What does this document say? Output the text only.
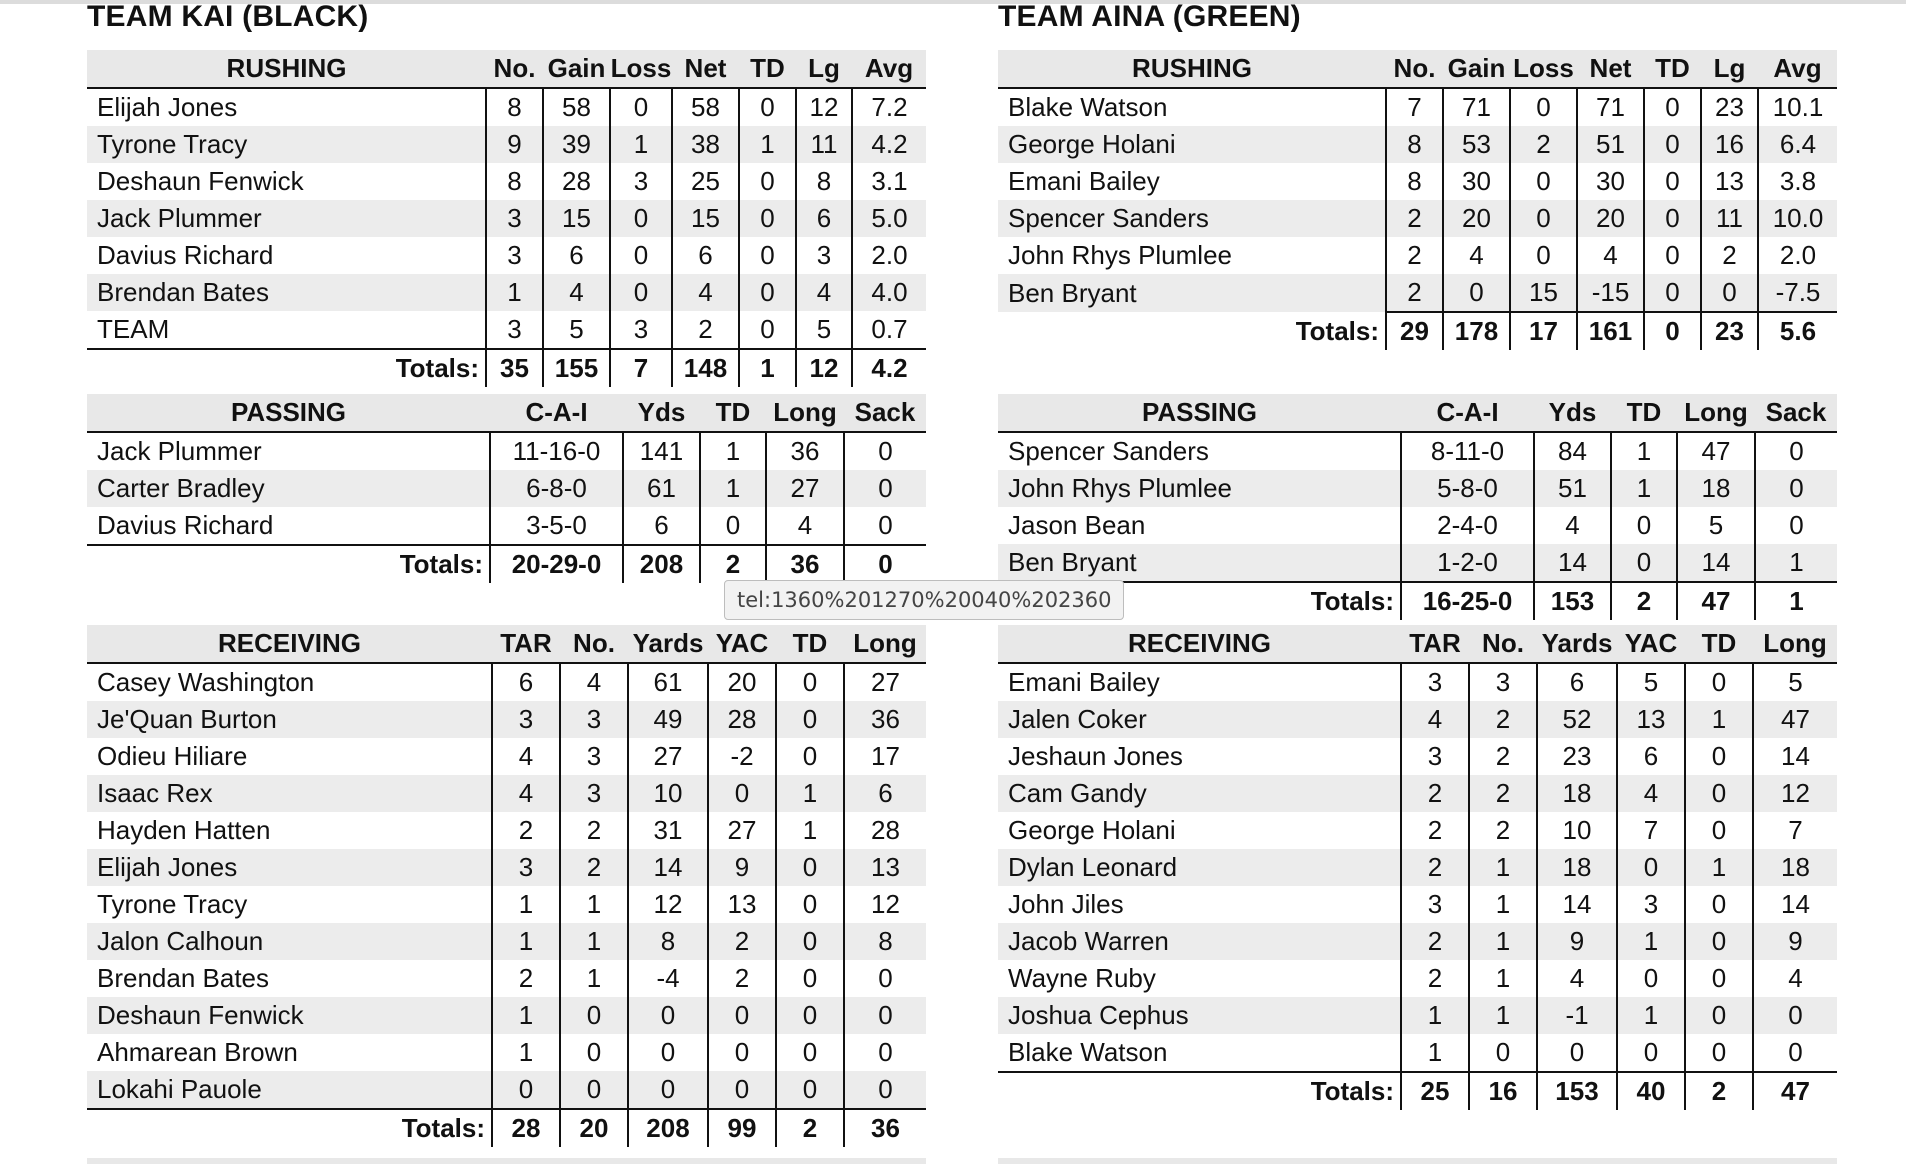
TEAM KAI (BLACK)
RUSHING	No.	Gain	Loss	Net	TD	Lg	Avg
Elijah Jones	8	58	0	58	0	12	7.2
Tyrone Tracy	9	39	1	38	1	11	4.2
Deshaun Fenwick	8	28	3	25	0	8	3.1
Jack Plummer	3	15	0	15	0	6	5.0
Davius Richard	3	6	0	6	0	3	2.0
Brendan Bates	1	4	0	4	0	4	4.0
TEAM	3	5	3	2	0	5	0.7
Totals:	35	155	7	148	1	12	4.2
PASSING	C-A-I	Yds	TD	Long	Sack
Jack Plummer	11-16-0	141	1	36	0
Carter Bradley	6-8-0	61	1	27	0
Davius Richard	3-5-0	6	0	4	0
Totals:	20-29-0	208	2	36	0
RECEIVING	TAR	No.	Yards	YAC	TD	Long
Casey Washington	6	4	61	20	0	27
Je'Quan Burton	3	3	49	28	0	36
Odieu Hiliare	4	3	27	-2	0	17
Isaac Rex	4	3	10	0	1	6
Hayden Hatten	2	2	31	27	1	28
Elijah Jones	3	2	14	9	0	13
Tyrone Tracy	1	1	12	13	0	12
Jalon Calhoun	1	1	8	2	0	8
Brendan Bates	2	1	-4	2	0	0
Deshaun Fenwick	1	0	0	0	0	0
Ahmarean Brown	1	0	0	0	0	0
Lokahi Pauole	0	0	0	0	0	0
Totals:	28	20	208	99	2	36
TEAM AINA (GREEN)
RUSHING	No.	Gain	Loss	Net	TD	Lg	Avg
Blake Watson	7	71	0	71	0	23	10.1
George Holani	8	53	2	51	0	16	6.4
Emani Bailey	8	30	0	30	0	13	3.8
Spencer Sanders	2	20	0	20	0	11	10.0
John Rhys Plumlee	2	4	0	4	0	2	2.0
Ben Bryant	2	0	15	-15	0	0	-7.5
Totals:	29	178	17	161	0	23	5.6
PASSING	C-A-I	Yds	TD	Long	Sack
Spencer Sanders	8-11-0	84	1	47	0
John Rhys Plumlee	5-8-0	51	1	18	0
Jason Bean	2-4-0	4	0	5	0
Ben Bryant	1-2-0	14	0	14	1
Totals:	16-25-0	153	2	47	1
RECEIVING	TAR	No.	Yards	YAC	TD	Long
Emani Bailey	3	3	6	5	0	5
Jalen Coker	4	2	52	13	1	47
Jeshaun Jones	3	2	23	6	0	14
Cam Gandy	2	2	18	4	0	12
George Holani	2	2	10	7	0	7
Dylan Leonard	2	1	18	0	1	18
John Jiles	3	1	14	3	0	14
Jacob Warren	2	1	9	1	0	9
Wayne Ruby	2	1	4	0	0	4
Joshua Cephus	1	1	-1	1	0	0
Blake Watson	1	0	0	0	0	0
Totals:	25	16	153	40	2	47
tel:1360%201270%20040%202360
